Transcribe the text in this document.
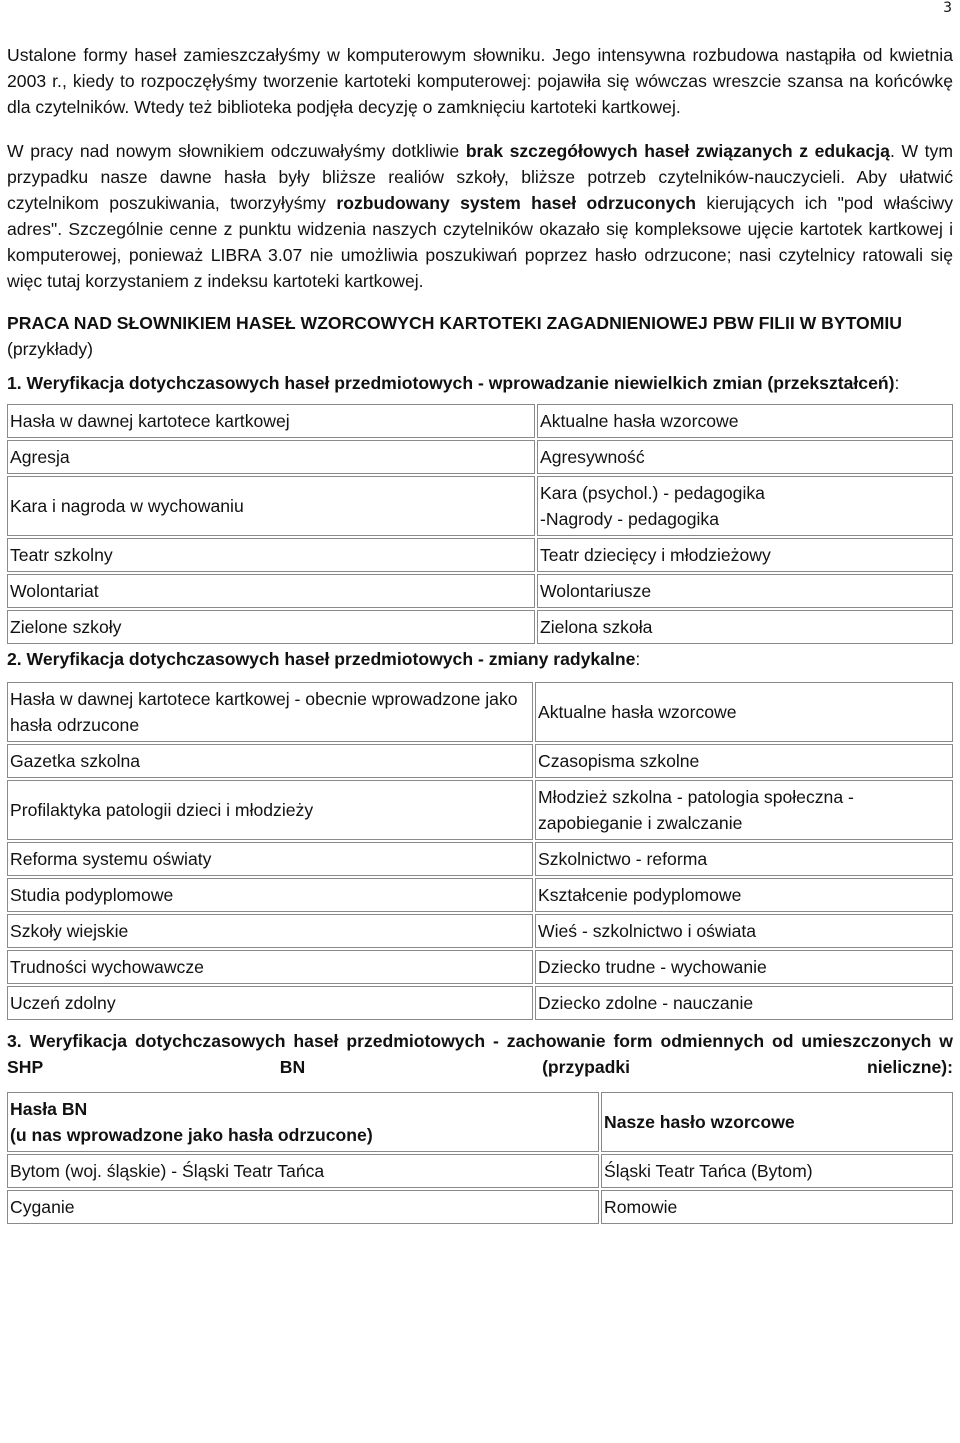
3

Ustalone formy haseł zamieszczałyśmy w komputerowym słowniku. Jego intensywna rozbudowa nastąpiła od kwietnia 2003 r., kiedy to rozpoczęłyśmy tworzenie kartoteki komputerowej: pojawiła się wówczas wreszcie szansa na końcówkę dla czytelników. Wtedy też biblioteka podjęła decyzję o zamknięciu kartoteki kartkowej.

W pracy nad nowym słownikiem odczuwałyśmy dotkliwie brak szczegółowych haseł związanych z edukacją. W tym przypadku nasze dawne hasła były bliższe realiów szkoły, bliższe potrzeb czytelników-nauczycieli. Aby ułatwić czytelnikom poszukiwania, tworzyłyśmy rozbudowany system haseł odrzuconych kierujących ich "pod właściwy adres". Szczególnie cenne z punktu widzenia naszych czytelników okazało się kompleksowe ujęcie kartotek kartkowej i komputerowej, ponieważ LIBRA 3.07 nie umożliwia poszukiwań poprzez hasło odrzucone; nasi czytelnicy ratowali się więc tutaj korzystaniem z indeksu kartoteki kartkowej.

PRACA NAD SŁOWNIKIEM HASEŁ WZORCOWYCH KARTOTEKI ZAGADNIENIOWEJ PBW FILII W BYTOMIU (przykłady)

1. Weryfikacja dotychczasowych haseł przedmiotowych - wprowadzanie niewielkich zmian (przekształceń):

Hasła w dawnej kartotece kartkowej	Aktualne hasła wzorcowe
Agresja	Agresywność
Kara i nagroda w wychowaniu	Kara (psychol.) - pedagogika
-Nagrody - pedagogika
Teatr szkolny	Teatr dziecięcy i młodzieżowy
Wolontariat	Wolontariusze
Zielone szkoły	Zielona szkoła

2. Weryfikacja dotychczasowych haseł przedmiotowych - zmiany radykalne:

Hasła w dawnej kartotece kartkowej - obecnie wprowadzone jako hasła odrzucone	Aktualne hasła wzorcowe
Gazetka szkolna	Czasopisma szkolne
Profilaktyka patologii dzieci i młodzieży	Młodzież szkolna - patologia społeczna - zapobieganie i zwalczanie
Reforma systemu oświaty	Szkolnictwo - reforma
Studia podyplomowe	Kształcenie podyplomowe
Szkoły wiejskie	Wieś - szkolnictwo i oświata
Trudności wychowawcze	Dziecko trudne - wychowanie
Uczeń zdolny	Dziecko zdolne - nauczanie

3. Weryfikacja dotychczasowych haseł przedmiotowych - zachowanie form odmiennych od umieszczonych w SHP BN (przypadki nieliczne):

Hasła BN
(u nas wprowadzone jako hasła odrzucone)	Nasze hasło wzorcowe
Bytom (woj. śląskie) - Śląski Teatr Tańca	Śląski Teatr Tańca (Bytom)
Cyganie	Romowie
